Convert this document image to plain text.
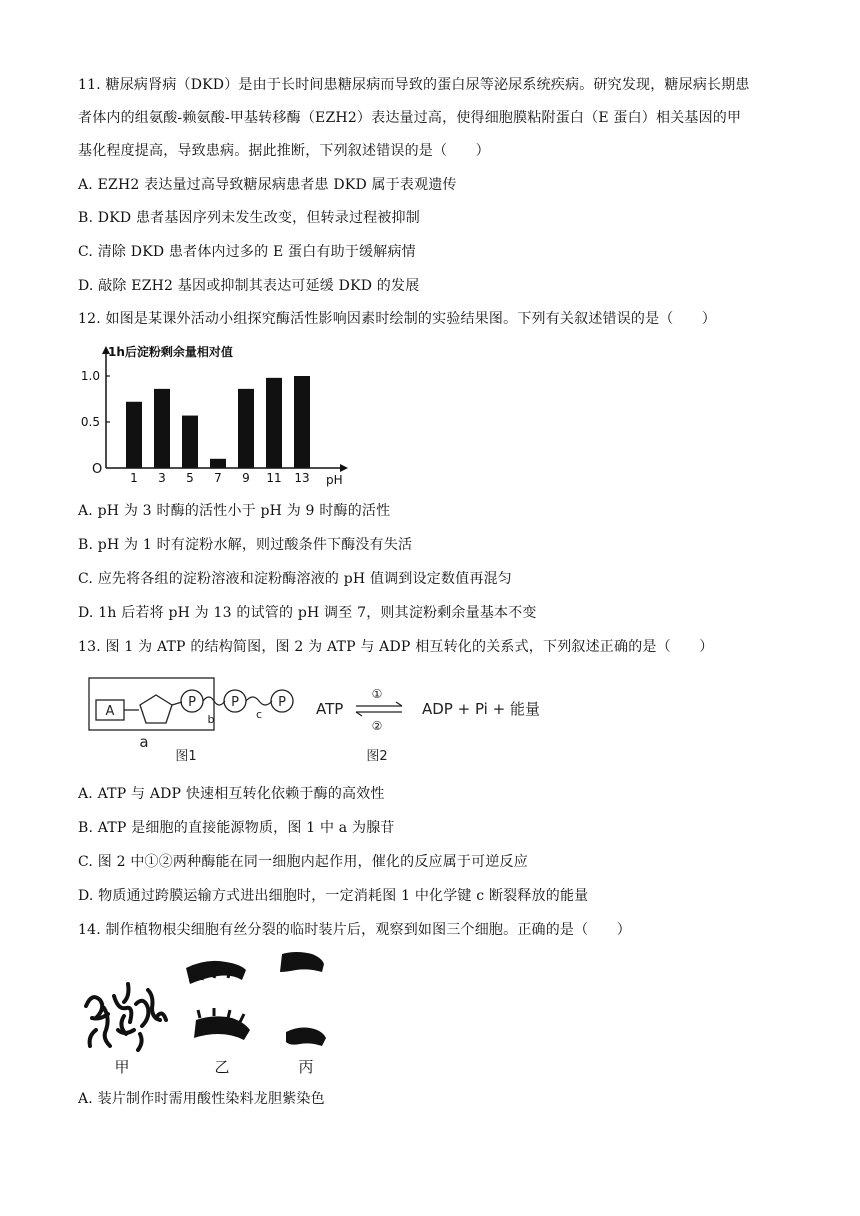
11. 糖尿病肾病（DKD）是由于长时间患糖尿病而导致的蛋白尿等泌尿系统疾病。研究发现，糖尿病长期患
者体内的组氨酸-赖氨酸-甲基转移酶（EZH2）表达量过高，使得细胞膜粘附蛋白（E 蛋白）相关基因的甲
基化程度提高，导致患病。据此推断，下列叙述错误的是（　　）
A. EZH2 表达量过高导致糖尿病患者患 DKD 属于表观遗传
B. DKD 患者基因序列未发生改变，但转录过程被抑制
C. 清除 DKD 患者体内过多的 E 蛋白有助于缓解病情
D. 敲除 EZH2 基因或抑制其表达可延缓 DKD 的发展
12. 如图是某课外活动小组探究酶活性影响因素时绘制的实验结果图。下列有关叙述错误的是（　　）
1h后淀粉剩余量相对值
O
pH
1.0
0.5
1 3 5 7 9 11 13
A. pH 为 3 时酶的活性小于 pH 为 9 时酶的活性
B. pH 为 1 时有淀粉水解，则过酸条件下酶没有失活
C. 应先将各组的淀粉溶液和淀粉酶溶液的 pH 值调到设定数值再混匀
D. 1h 后若将 pH 为 13 的试管的 pH 调至 7，则其淀粉剩余量基本不变
13. 图 1 为 ATP 的结构简图，图 2 为 ATP 与 ADP 相互转化的关系式，下列叙述正确的是（　　）
A
P
b
P
c
P
a
图1
ATP
①
②
ADP + Pi + 能量
图2
A. ATP 与 ADP 快速相互转化依赖于酶的高效性
B. ATP 是细胞的直接能源物质，图 1 中 a 为腺苷
C. 图 2 中①②两种酶能在同一细胞内起作用，催化的反应属于可逆反应
D. 物质通过跨膜运输方式进出细胞时，一定消耗图 1 中化学键 c 断裂释放的能量
14. 制作植物根尖细胞有丝分裂的临时装片后，观察到如图三个细胞。正确的是（　　）
甲	乙	丙
A. 装片制作时需用酸性染料龙胆紫染色
